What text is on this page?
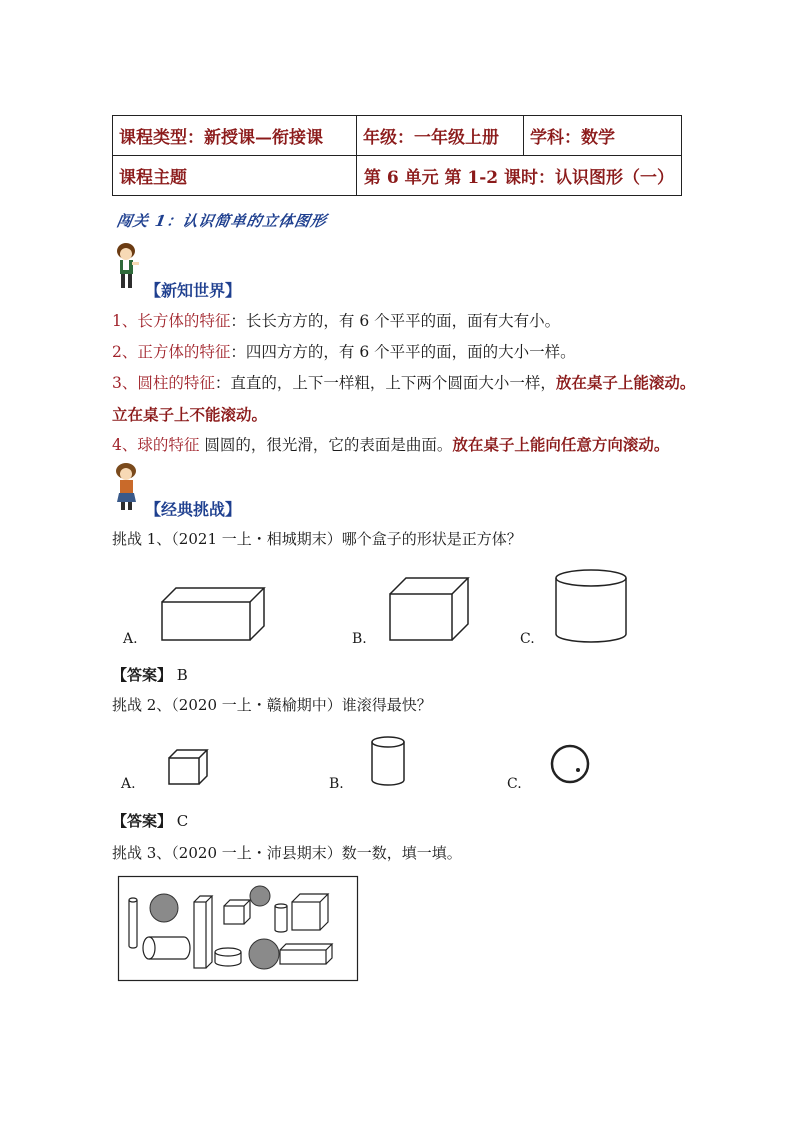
课程类型：新授课—衔接课	年级：一年级上册	学科：数学
课程主题	第 6 单元 第 1-2 课时：认识图形（一）	
闯关 1：认识简单的立体图形
【新知世界】
1、长方体的特征：长长方方的，有 6 个平平的面，面有大有小。
2、正方体的特征：四四方方的，有 6 个平平的面，面的大小一样。
3、圆柱的特征：直直的，上下一样粗，上下两个圆面大小一样，放在桌子上能滚动。立在桌子上不能滚动。
4、球的特征 圆圆的，很光滑，它的表面是曲面。放在桌子上能向任意方向滚动。
【经典挑战】
挑战 1、（2021 一上・相城期末）哪个盒子的形状是正方体？
A.	B.	C.
【答案】 B
挑战 2、（2020 一上・赣榆期中）谁滚得最快？
A.	B.	C.
【答案】 C
挑战 3、（2020 一上・沛县期末）数一数，填一填。
